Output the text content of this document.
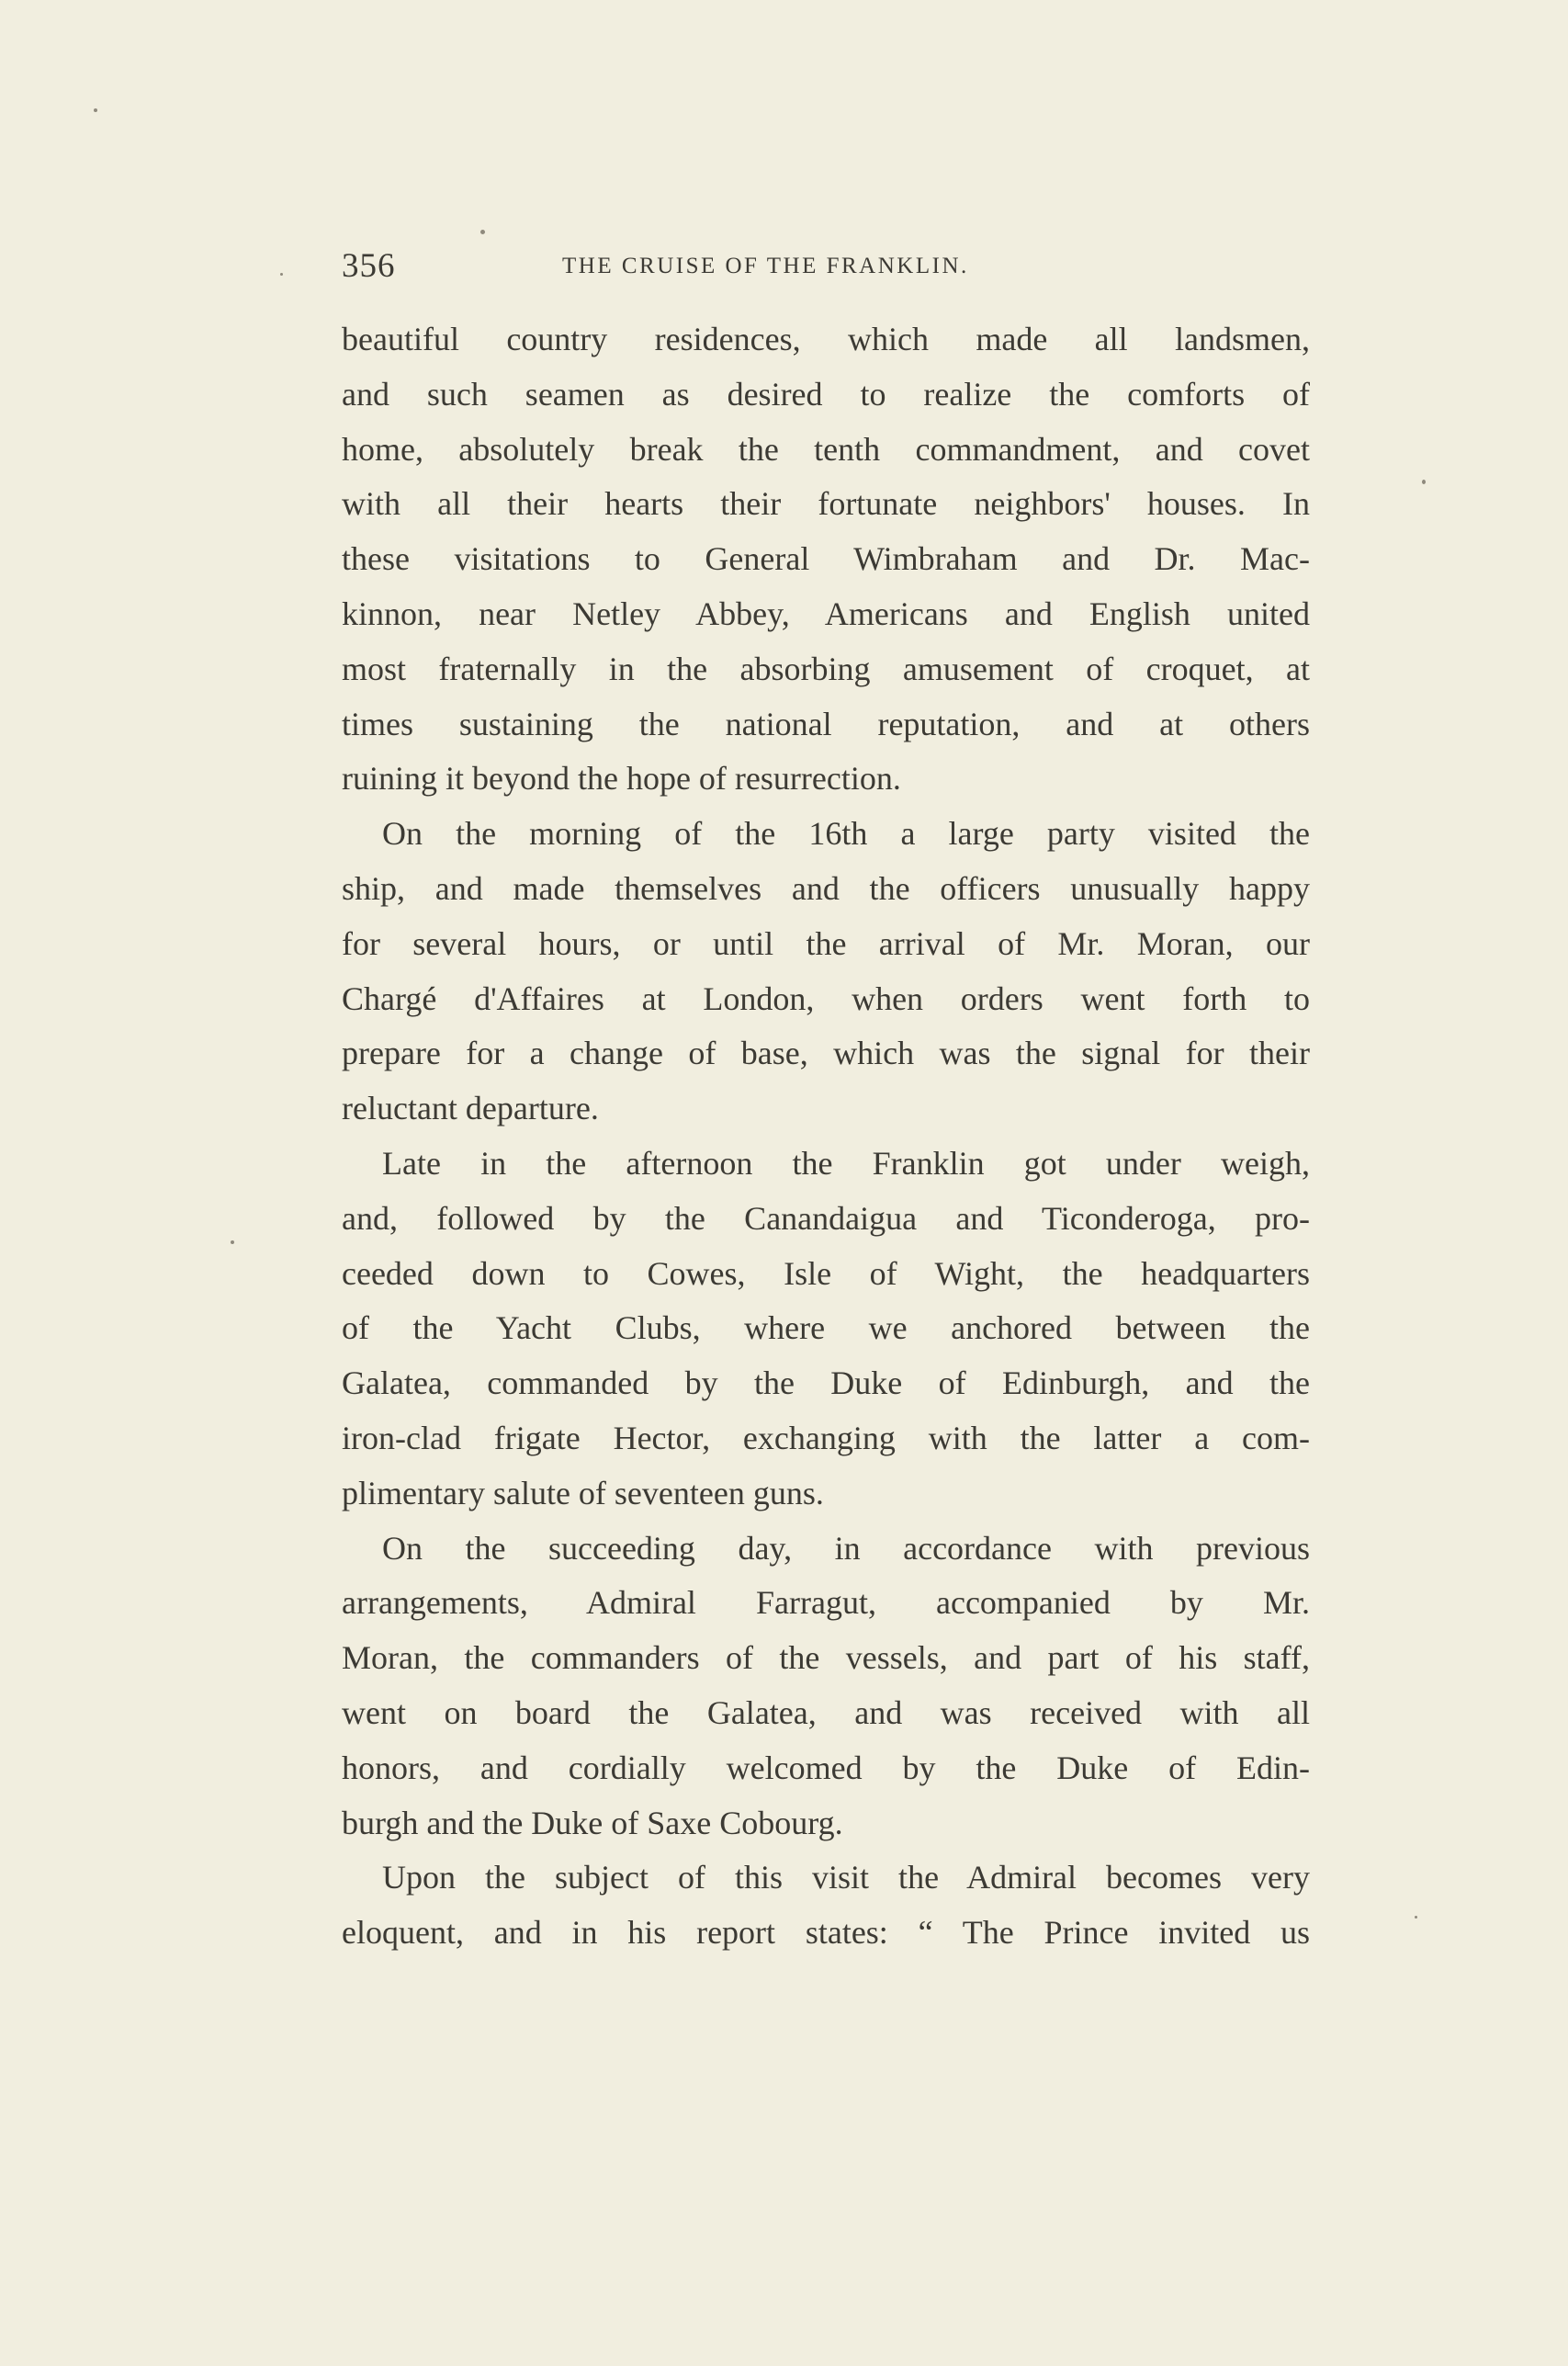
356	THE CRUISE OF THE FRANKLIN.
beautiful country residences, which made all landsmen,
and such seamen as desired to realize the comforts of
home, absolutely break the tenth commandment, and covet
with all their hearts their fortunate neighbors' houses. In
these visitations to General Wimbraham and Dr. Mac-
kinnon, near Netley Abbey, Americans and English united
most fraternally in the absorbing amusement of croquet, at
times sustaining the national reputation, and at others
ruining it beyond the hope of resurrection.
On the morning of the 16th a large party visited the
ship, and made themselves and the officers unusually happy
for several hours, or until the arrival of Mr. Moran, our
Chargé d'Affaires at London, when orders went forth to
prepare for a change of base, which was the signal for their
reluctant departure.
Late in the afternoon the Franklin got under weigh,
and, followed by the Canandaigua and Ticonderoga, pro-
ceeded down to Cowes, Isle of Wight, the headquarters
of the Yacht Clubs, where we anchored between the
Galatea, commanded by the Duke of Edinburgh, and the
iron-clad frigate Hector, exchanging with the latter a com-
plimentary salute of seventeen guns.
On the succeeding day, in accordance with previous
arrangements, Admiral Farragut, accompanied by Mr.
Moran, the commanders of the vessels, and part of his staff,
went on board the Galatea, and was received with all
honors, and cordially welcomed by the Duke of Edin-
burgh and the Duke of Saxe Cobourg.
Upon the subject of this visit the Admiral becomes very
eloquent, and in his report states: “ The Prince invited us
